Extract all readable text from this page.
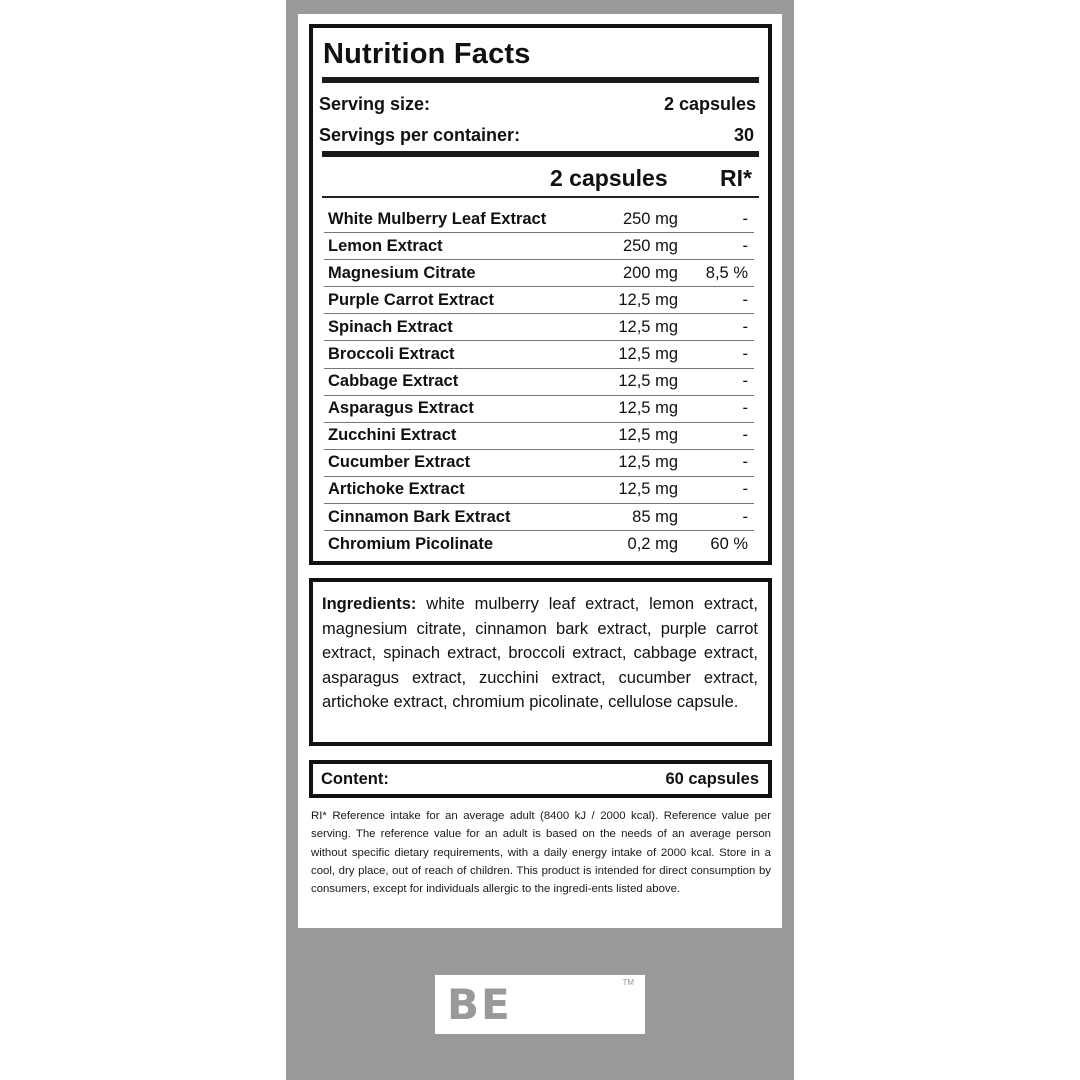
Nutrition Facts
Serving size:	2 capsules
Servings per container:	30
2 capsules RI*
White Mulberry Leaf Extract	250 mg	-
Lemon Extract	250 mg	-
Magnesium Citrate	200 mg 8,5 %
Purple Carrot Extract	12,5 mg	-
Spinach Extract	12,5 mg	-
Broccoli Extract	12,5 mg	-
Cabbage Extract	12,5 mg	-
Asparagus Extract	12,5 mg	-
Zucchini Extract	12,5 mg	-
Cucumber Extract	12,5 mg	-
Artichoke Extract	12,5 mg	-
Cinnamon Bark Extract	85 mg	-
Chromium Picolinate	0,2 mg 60 %
Ingredients: white mulberry leaf extract, lemon extract, magnesium citrate, cinnamon bark extract, purple carrot extract, spinach extract, broccoli extract, cabbage extract, asparagus extract, zucchini extract, cucumber extract, artichoke extract, chromium picolinate, cellulose capsule.
Content:	60 capsules
RI* Reference intake for an average adult (8400 kJ / 2000 kcal). Reference value per serving. The reference value for an adult is based on the needs of an average person without specific dietary requirements, with a daily energy intake of 2000 kcal. Store in a cool, dry place, out of reach of children. This product is intended for direct consumption by consumers, except for individuals allergic to the ingredi-ents listed above.
BE KETO
TM
